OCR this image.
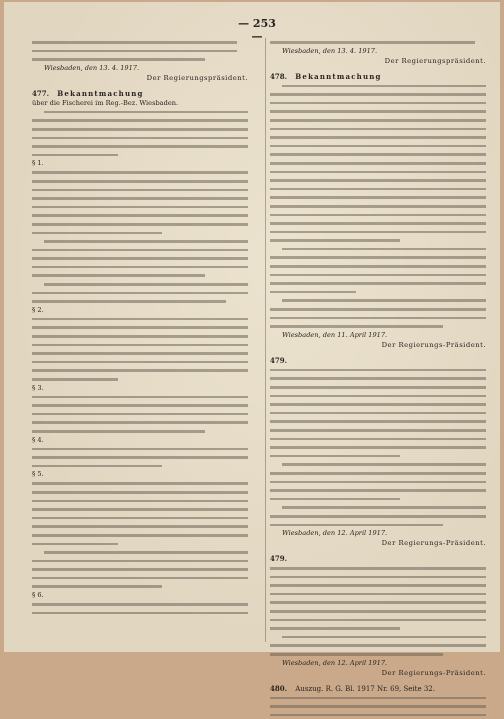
— 253 —
Wiesbaden, den 13. 4. 1917.
Der Regierungspräsident.
477. Bekanntmachung
über die Fischerei im Reg.-Bez. Wiesbaden.
§ 1.
§ 2.
§ 3.
§ 4.
§ 5.
§ 6.
Wiesbaden, den 13. 4. 1917.
Der Regierungspräsident.
478. Bekanntmachung
Wiesbaden, den 11. April 1917.
Der Regierungs-Präsident.
479.
Wiesbaden, den 12. April 1917.
Der Regierungs-Präsident.
479.
Wiesbaden, den 12. April 1917.
Der Regierungs-Präsident.
480. Auszug. R. G. Bl. 1917 Nr. 69, Seite 32.
